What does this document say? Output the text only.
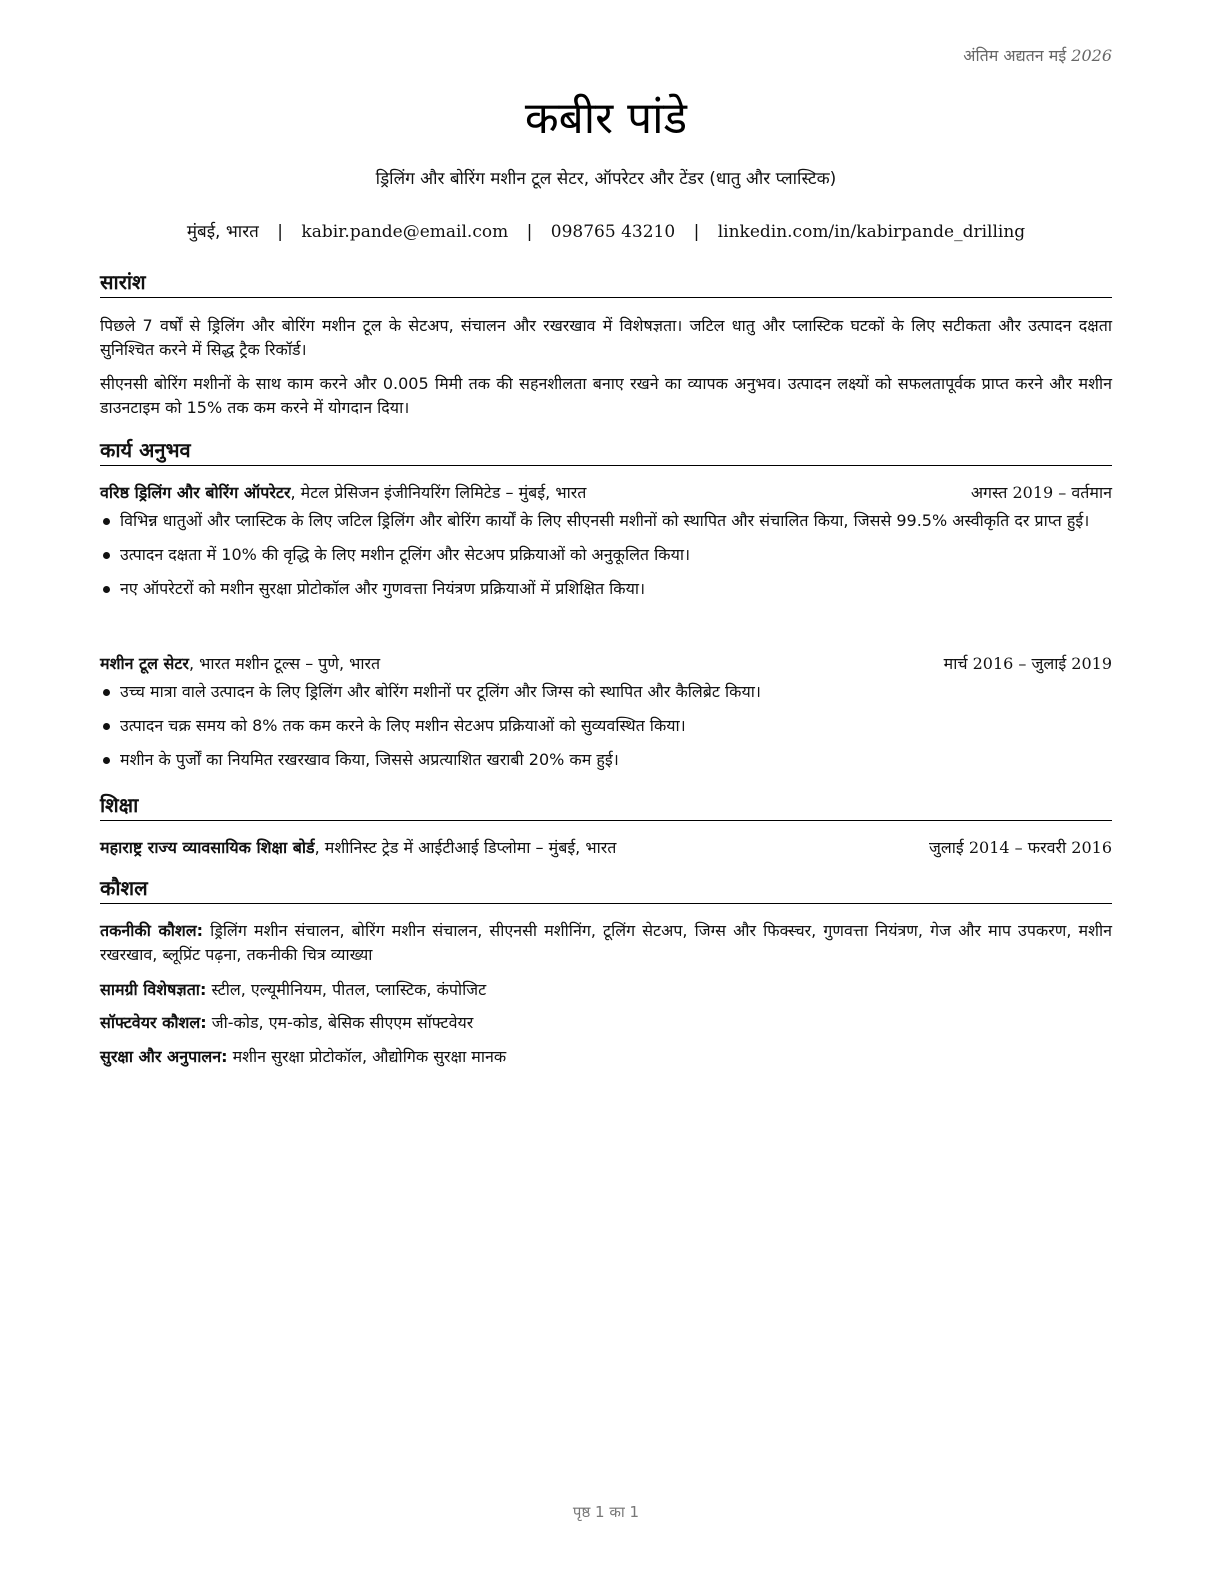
अंतिम अद्यतन मई 2026
कबीर पांडे
ड्रिलिंग और बोरिंग मशीन टूल सेटर, ऑपरेटर और टेंडर (धातु और प्लास्टिक)
मुंबई, भारत | kabir.pande@email.com | 098765 43210 | linkedin.com/in/kabirpande_drilling
सारांश

पिछले 7 वर्षों से ड्रिलिंग और बोरिंग मशीन टूल के सेटअप, संचालन और रखरखाव में विशेषज्ञता। जटिल धातु और प्लास्टिक घटकों के लिए सटीकता और उत्पादन दक्षता सुनिश्चित करने में सिद्ध ट्रैक रिकॉर्ड।

सीएनसी बोरिंग मशीनों के साथ काम करने और 0.005 मिमी तक की सहनशीलता बनाए रखने का व्यापक अनुभव। उत्पादन लक्ष्यों को सफलतापूर्वक प्राप्त करने और मशीन डाउनटाइम को 15% तक कम करने में योगदान दिया।

कार्य अनुभव
वरिष्ठ ड्रिलिंग और बोरिंग ऑपरेटर, मेटल प्रेसिजन इंजीनियरिंग लिमिटेड – मुंबई, भारत	अगस्त 2019 – वर्तमान
विभिन्न धातुओं और प्लास्टिक के लिए जटिल ड्रिलिंग और बोरिंग कार्यों के लिए सीएनसी मशीनों को स्थापित और संचालित किया, जिससे 99.5% अस्वीकृति दर प्राप्त हुई।
उत्पादन दक्षता में 10% की वृद्धि के लिए मशीन टूलिंग और सेटअप प्रक्रियाओं को अनुकूलित किया।
नए ऑपरेटरों को मशीन सुरक्षा प्रोटोकॉल और गुणवत्ता नियंत्रण प्रक्रियाओं में प्रशिक्षित किया।
मशीन टूल सेटर, भारत मशीन टूल्स – पुणे, भारत	मार्च 2016 – जुलाई 2019
उच्च मात्रा वाले उत्पादन के लिए ड्रिलिंग और बोरिंग मशीनों पर टूलिंग और जिग्स को स्थापित और कैलिब्रेट किया।
उत्पादन चक्र समय को 8% तक कम करने के लिए मशीन सेटअप प्रक्रियाओं को सुव्यवस्थित किया।
मशीन के पुर्जों का नियमित रखरखाव किया, जिससे अप्रत्याशित खराबी 20% कम हुई।
शिक्षा
महाराष्ट्र राज्य व्यावसायिक शिक्षा बोर्ड, मशीनिस्ट ट्रेड में आईटीआई डिप्लोमा – मुंबई, भारत	जुलाई 2014 – फरवरी 2016
कौशल
तकनीकी कौशल: ड्रिलिंग मशीन संचालन, बोरिंग मशीन संचालन, सीएनसी मशीनिंग, टूलिंग सेटअप, जिग्स और फिक्स्चर, गुणवत्ता नियंत्रण, गेज और माप उपकरण, मशीन रखरखाव, ब्लूप्रिंट पढ़ना, तकनीकी चित्र व्याख्या
सामग्री विशेषज्ञता: स्टील, एल्यूमीनियम, पीतल, प्लास्टिक, कंपोजिट
सॉफ्टवेयर कौशल: जी-कोड, एम-कोड, बेसिक सीएएम सॉफ्टवेयर
सुरक्षा और अनुपालन: मशीन सुरक्षा प्रोटोकॉल, औद्योगिक सुरक्षा मानक
पृष्ठ 1 का 1
